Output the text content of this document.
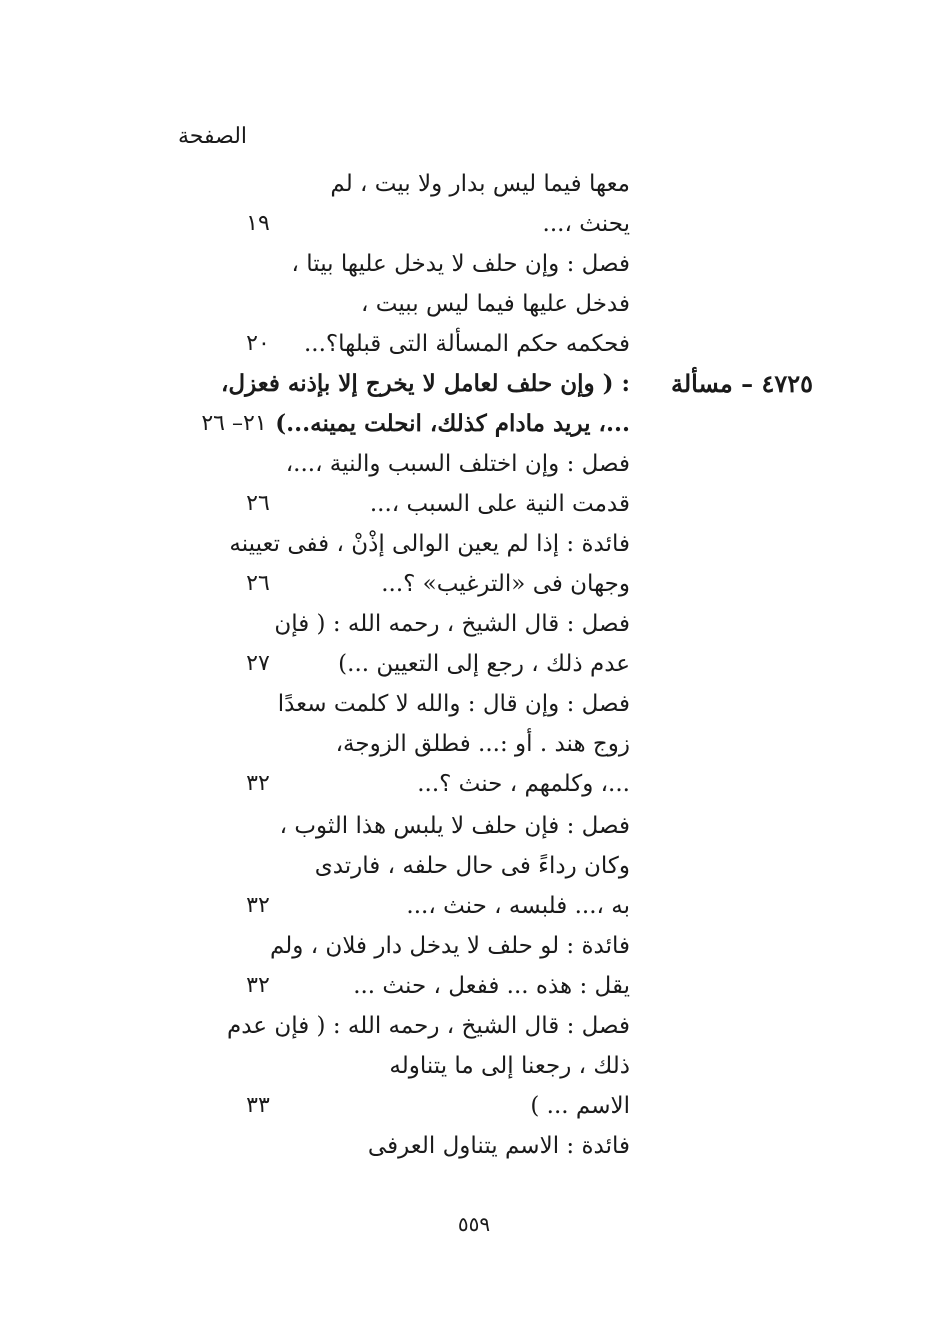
الصفحة
معها فيما ليس بدار ولا بيت ، لم
يحنث ،...
١٩
فصل : وإن حلف لا يدخل عليها بيتا ،
فدخل عليها فيما ليس ببيت ،
فحكمه حكم المسألة التى قبلها؟...
٢٠
٤٧٢٥ – مسألة
: ( وإن حلف لعامل لا يخرج إلا بإذنه فعزل،
...، يريد مادام كذلك، انحلت يمينه...)
٢١– ٢٦
فصل : وإن اختلف السبب والنية ،...،
قدمت النية على السبب ،...
٢٦
فائدة : إذا لم يعين الوالى إذْنْ ، ففى تعيينه
وجهان فى «الترغيب» ؟...
٢٦
فصل : قال الشيخ ، رحمه الله : ( فإن
عدم ذلك ، رجع إلى التعيين ...)
٢٧
فصل : وإن قال : والله لا كلمت سعدًا
زوج هند . أو :... فطلق الزوجة،
...، وكلمهم ، حنث ؟...
٣٢
فصل : فإن حلف لا يلبس هذا الثوب ،
وكان رداءً فى حال حلفه ، فارتدى
به ،... فلبسه ، حنث ،...
٣٢
فائدة : لو حلف لا يدخل دار فلان ، ولم
يقل : هذه ... ففعل ، حنث ...
٣٢
فصل : قال الشيخ ، رحمه الله : ( فإن عدم
ذلك ، رجعنا إلى ما يتناوله
الاسم ... )
٣٣
فائدة : الاسم يتناول العرفى
٥٥٩
